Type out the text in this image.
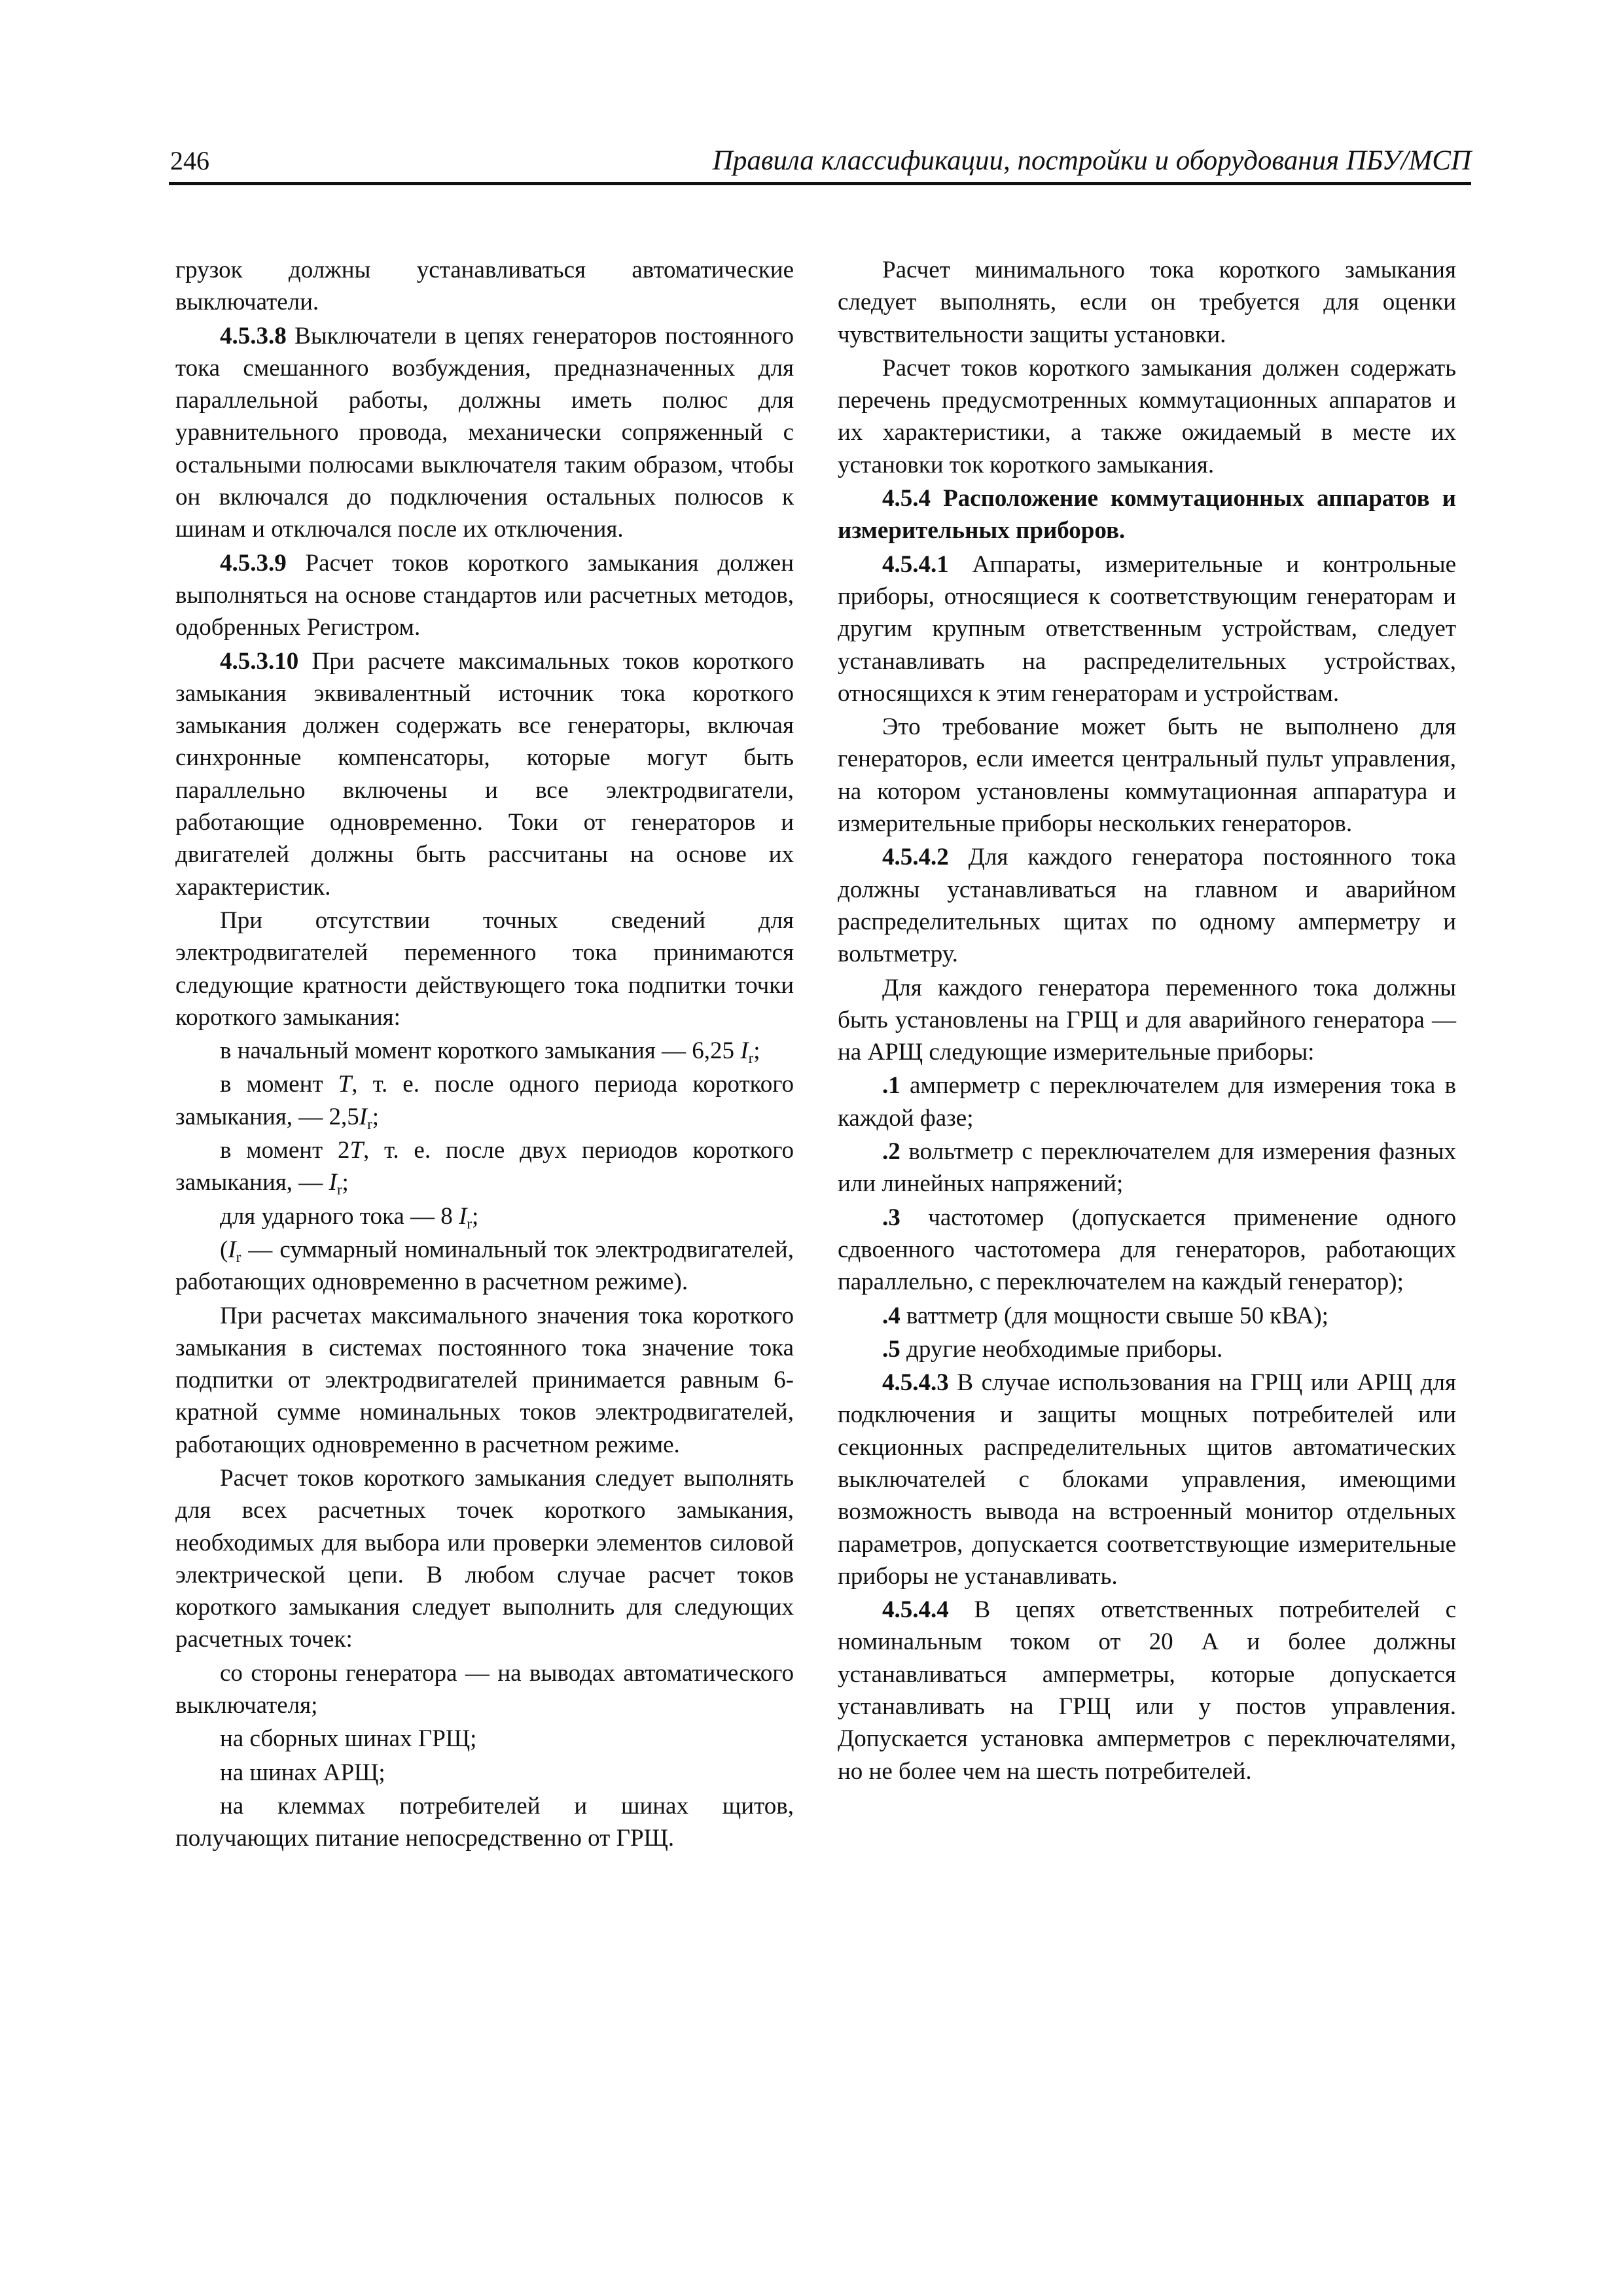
246	Правила классификации, постройки и оборудования ПБУ/МСП

грузок должны устанавливаться автоматические выключатели.

4.5.3.8 Выключатели в цепях генераторов постоянного тока смешанного возбуждения, предназначенных для параллельной работы, должны иметь полюс для уравнительного провода, механически сопряженный с остальными полюсами выключателя таким образом, чтобы он включался до подключения остальных полюсов к шинам и отключался после их отключения.

4.5.3.9 Расчет токов короткого замыкания должен выполняться на основе стандартов или расчетных методов, одобренных Регистром.

4.5.3.10 При расчете максимальных токов короткого замыкания эквивалентный источник тока короткого замыкания должен содержать все генераторы, включая синхронные компенсаторы, которые могут быть параллельно включены и все электродвигатели, работающие одновременно. Токи от генераторов и двигателей должны быть рассчитаны на основе их характеристик.

При отсутствии точных сведений для электродвигателей переменного тока принимаются следующие кратности действующего тока подпитки точки короткого замыкания:

в начальный момент короткого замыкания — 6,25 $I_r$;

в момент T, т. е. после одного периода короткого замыкания, — $2,5I_r$;

в момент 2T, т. е. после двух периодов короткого замыкания, — $I_r$;

для ударного тока — 8 $I_r$;

($I_r$ — суммарный номинальный ток электродвигателей, работающих одновременно в расчетном режиме).

При расчетах максимального значения тока короткого замыкания в системах постоянного тока значение тока подпитки от электродвигателей принимается равным 6-кратной сумме номинальных токов электродвигателей, работающих одновременно в расчетном режиме.

Расчет токов короткого замыкания следует выполнять для всех расчетных точек короткого замыкания, необходимых для выбора или проверки элементов силовой электрической цепи. В любом случае расчет токов короткого замыкания следует выполнить для следующих расчетных точек:

со стороны генератора — на выводах автоматического выключателя;

на сборных шинах ГРЩ;

на шинах АРЩ;

на клеммах потребителей и шинах щитов, получающих питание непосредственно от ГРЩ.

Расчет минимального тока короткого замыкания следует выполнять, если он требуется для оценки чувствительности защиты установки.

Расчет токов короткого замыкания должен содержать перечень предусмотренных коммутационных аппаратов и их характеристики, а также ожидаемый в месте их установки ток короткого замыкания.

4.5.4 Расположение коммутационных аппаратов и измерительных приборов.

4.5.4.1 Аппараты, измерительные и контрольные приборы, относящиеся к соответствующим генераторам и другим крупным ответственным устройствам, следует устанавливать на распределительных устройствах, относящихся к этим генераторам и устройствам.

Это требование может быть не выполнено для генераторов, если имеется центральный пульт управления, на котором установлены коммутационная аппаратура и измерительные приборы нескольких генераторов.

4.5.4.2 Для каждого генератора постоянного тока должны устанавливаться на главном и аварийном распределительных щитах по одному амперметру и вольтметру.

Для каждого генератора переменного тока должны быть установлены на ГРЩ и для аварийного генератора — на АРЩ следующие измерительные приборы:

.1 амперметр с переключателем для измерения тока в каждой фазе;

.2 вольтметр с переключателем для измерения фазных или линейных напряжений;

.3 частотомер (допускается применение одного сдвоенного частотомера для генераторов, работающих параллельно, с переключателем на каждый генератор);

.4 ваттметр (для мощности свыше 50 кВА);

.5 другие необходимые приборы.

4.5.4.3 В случае использования на ГРЩ или АРЩ для подключения и защиты мощных потребителей или секционных распределительных щитов автоматических выключателей с блоками управления, имеющими возможность вывода на встроенный монитор отдельных параметров, допускается соответствующие измерительные приборы не устанавливать.

4.5.4.4 В цепях ответственных потребителей с номинальным током от 20 А и более должны устанавливаться амперметры, которые допускается устанавливать на ГРЩ или у постов управления. Допускается установка амперметров с переключателями, но не более чем на шесть потребителей.
